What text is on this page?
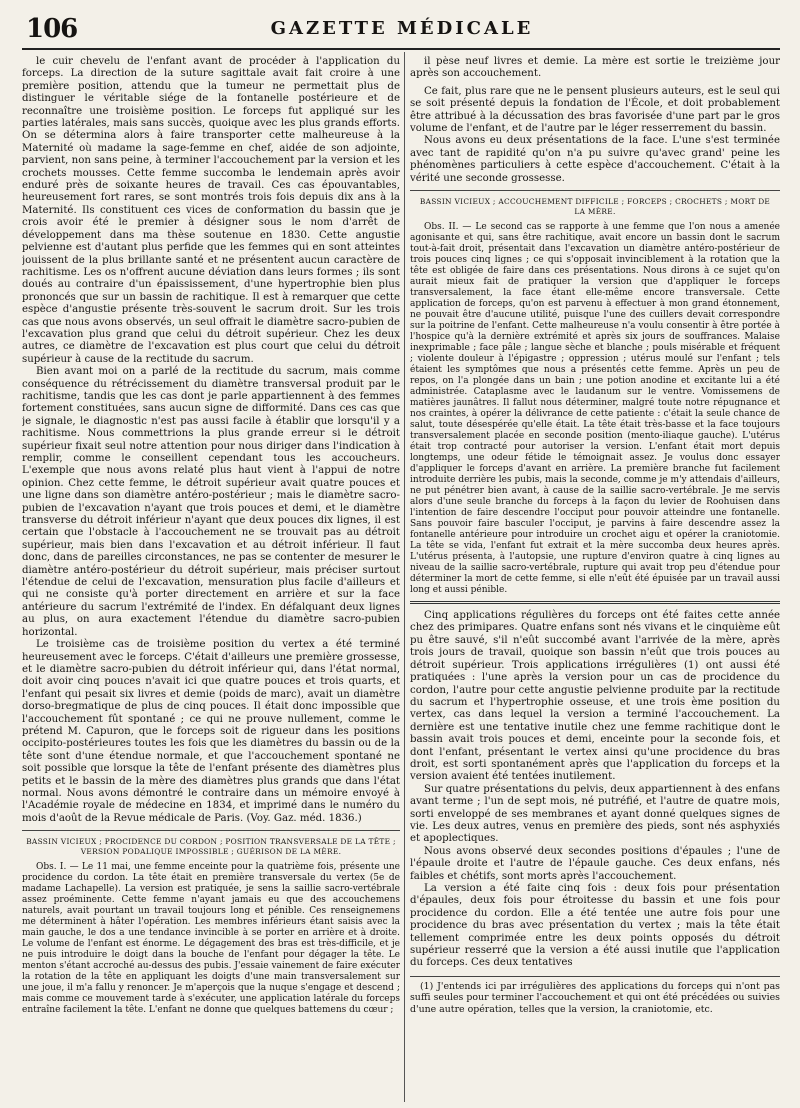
106	GAZETTE MÉDICALE

le cuir chevelu de l'enfant avant de procéder à l'application du forceps. La direction de la suture sagittale avait fait croire à une première position, attendu que la tumeur ne permettait plus de distinguer le véritable siége de la fontanelle postérieure et de reconnaître une troisième position. Le forceps fut appliqué sur les parties latérales, mais sans succès, quoique avec les plus grands efforts. On se détermina alors à faire transporter cette malheureuse à la Maternité où madame la sage-femme en chef, aidée de son adjointe, parvient, non sans peine, à terminer l'accouchement par la version et les crochets mousses. Cette femme succomba le lendemain après avoir enduré près de soixante heures de travail. Ces cas épouvantables, heureusement fort rares, se sont montrés trois fois depuis dix ans à la Maternité. Ils constituent ces vices de conformation du bassin que je crois avoir été le premier à désigner sous le nom d'arrêt de développement dans ma thèse soutenue en 1830. Cette angustie pelvienne est d'autant plus perfide que les femmes qui en sont atteintes jouissent de la plus brillante santé et ne présentent aucun caractère de rachitisme. Les os n'offrent aucune déviation dans leurs formes ; ils sont doués au contraire d'un épaississement, d'une hypertrophie bien plus prononcés que sur un bassin de rachitique. Il est à remarquer que cette espèce d'angustie présente très-souvent le sacrum droit. Sur les trois cas que nous avons observés, un seul offrait le diamètre sacro-pubien de l'excavation plus grand que celui du détroit supérieur. Chez les deux autres, ce diamètre de l'excavation est plus court que celui du détroit supérieur à cause de la rectitude du sacrum.

Bien avant moi on a parlé de la rectitude du sacrum, mais comme conséquence du rétrécissement du diamètre transversal produit par le rachitisme, tandis que les cas dont je parle appartiennent à des femmes fortement constituées, sans aucun signe de difformité. Dans ces cas que je signale, le diagnostic n'est pas aussi facile à établir que lorsqu'il y a rachitisme. Nous commettrions la plus grande erreur si le détroit supérieur fixait seul notre attention pour nous diriger dans l'indication à remplir, comme le conseillent cependant tous les accoucheurs. L'exemple que nous avons relaté plus haut vient à l'appui de notre opinion. Chez cette femme, le détroit supérieur avait quatre pouces et une ligne dans son diamètre antéro-postérieur ; mais le diamètre sacro-pubien de l'excavation n'ayant que trois pouces et demi, et le diamètre transverse du détroit inférieur n'ayant que deux pouces dix lignes, il est certain que l'obstacle à l'accouchement ne se trouvait pas au détroit supérieur, mais bien dans l'excavation et au détroit inférieur. Il faut donc, dans de pareilles circonstances, ne pas se contenter de mesurer le diamètre antéro-postérieur du détroit supérieur, mais préciser surtout l'étendue de celui de l'excavation, mensuration plus facile d'ailleurs et qui ne consiste qu'à porter directement en arrière et sur la face antérieure du sacrum l'extrémité de l'index. En défalquant deux lignes au plus, on aura exactement l'étendue du diamètre sacro-pubien horizontal.

Le troisième cas de troisième position du vertex a été terminé heureusement avec le forceps. C'était d'ailleurs une première grossesse, et le diamètre sacro-pubien du détroit inférieur qui, dans l'état normal, doit avoir cinq pouces n'avait ici que quatre pouces et trois quarts, et l'enfant qui pesait six livres et demie (poids de marc), avait un diamètre dorso-bregmatique de plus de cinq pouces. Il était donc impossible que l'accouchement fût spontané ; ce qui ne prouve nullement, comme le prétend M. Capuron, que le forceps soit de rigueur dans les positions occipito-postérieures toutes les fois que les diamètres du bassin ou de la tête sont d'une étendue normale, et que l'accouchement spontané ne soit possible que lorsque la tête de l'enfant présente des diamètres plus petits et le bassin de la mère des diamètres plus grands que dans l'état normal. Nous avons démontré le contraire dans un mémoire envoyé à l'Académie royale de médecine en 1834, et imprimé dans le numéro du mois d'août de la Revue médicale de Paris. (Voy. Gaz. méd. 1836.)

BASSIN VICIEUX ; PROCIDENCE DU CORDON ; POSITION TRANSVERSALE DE LA TÊTE ; VERSION PODALIQUE IMPOSSIBLE ; GUÉRISON DE LA MÈRE.

Obs. I. — Le 11 mai, une femme enceinte pour la quatrième fois, présente une procidence du cordon. La tête était en première transversale du vertex (5e de madame Lachapelle). La version est pratiquée, je sens la saillie sacro-vertébrale assez proéminente. Cette femme n'ayant jamais eu que des accouchemens naturels, avait pourtant un travail toujours long et pénible. Ces renseignemens me déterminent à hâter l'opération. Les membres inférieurs étant saisis avec la main gauche, le dos a une tendance invincible à se porter en arrière et à droite. Le volume de l'enfant est énorme. Le dégagement des bras est très-difficile, et je ne puis introduire le doigt dans la bouche de l'enfant pour dégager la tête. Le menton s'étant accroché au-dessus des pubis. J'essaie vainement de faire exécuter la rotation de la tête en appliquant les doigts d'une main transversalement sur une joue, il m'a fallu y renoncer. Je m'aperçois que la nuque s'engage et descend ; mais comme ce mouvement tarde à s'exécuter, une application latérale du forceps entraîne facilement la tête. L'enfant ne donne que quelques battemens du cœur ;

il pèse neuf livres et demie. La mère est sortie le treizième jour après son accouchement.

Ce fait, plus rare que ne le pensent plusieurs auteurs, est le seul qui se soit présenté depuis la fondation de l'École, et doit probablement être attribué à la décussation des bras favorisée d'une part par le gros volume de l'enfant, et de l'autre par le léger resserrement du bassin.

Nous avons eu deux présentations de la face. L'une s'est terminée avec tant de rapidité qu'on n'a pu suivre qu'avec grand' peine les phénomènes particuliers à cette espèce d'accouchement. C'était à la vérité une seconde grossesse.

BASSIN VICIEUX ; ACCOUCHEMENT DIFFICILE ; FORCEPS ; CROCHETS ; MORT DE LA MÈRE.

Obs. II. — Le second cas se rapporte à une femme que l'on nous a amenée agonisante et qui, sans être rachitique, avait encore un bassin dont le sacrum tout-à-fait droit, présentait dans l'excavation un diamètre antéro-postérieur de trois pouces cinq lignes ; ce qui s'opposait invinciblement à la rotation que la tête est obligée de faire dans ces présentations. Nous dirons à ce sujet qu'on aurait mieux fait de pratiquer la version que d'appliquer le forceps transversalement, la face étant elle-même encore transversale. Cette application de forceps, qu'on est parvenu à effectuer à mon grand étonnement, ne pouvait être d'aucune utilité, puisque l'une des cuillers devait correspondre sur la poitrine de l'enfant. Cette malheureuse n'a voulu consentir à être portée à l'hospice qu'à la dernière extrémité et après six jours de souffrances. Malaise inexprimable ; face pâle ; langue sèche et blanche ; pouls misérable et fréquent ; violente douleur à l'épigastre ; oppression ; utérus moulé sur l'enfant ; tels étaient les symptômes que nous a présentés cette femme. Après un peu de repos, on l'a plongée dans un bain ; une potion anodine et excitante lui a été administrée. Cataplasme avec le laudanum sur le ventre. Vomissemens de matières jaunâtres. Il fallut nous déterminer, malgré toute notre répugnance et nos craintes, à opérer la délivrance de cette patiente : c'était la seule chance de salut, toute désespérée qu'elle était. La tête était très-basse et la face toujours transversalement placée en seconde position (mento-iliaque gauche). L'utérus était trop contracté pour autoriser la version. L'enfant était mort depuis longtemps, une odeur fétide le témoignait assez. Je voulus donc essayer d'appliquer le forceps d'avant en arrière. La première branche fut facilement introduite derrière les pubis, mais la seconde, comme je m'y attendais d'ailleurs, ne put pénétrer bien avant, à cause de la saillie sacro-vertébrale. Je me servis alors d'une seule branche du forceps à la façon du levier de Roohuisen dans l'intention de faire descendre l'occiput pour pouvoir atteindre une fontanelle. Sans pouvoir faire basculer l'occiput, je parvins à faire descendre assez la fontanelle antérieure pour introduire un crochet aigu et opérer la craniotomie. La tête se vida, l'enfant fut extrait et la mère succomba deux heures après. L'utérus présenta, à l'autopsie, une rupture d'environ quatre à cinq lignes au niveau de la saillie sacro-vertébrale, rupture qui avait trop peu d'étendue pour déterminer la mort de cette femme, si elle n'eût été épuisée par un travail aussi long et aussi pénible.

Cinq applications régulières du forceps ont été faites cette année chez des primipares. Quatre enfans sont nés vivans et le cinquième eût pu être sauvé, s'il n'eût succombé avant l'arrivée de la mère, après trois jours de travail, quoique son bassin n'eût que trois pouces au détroit supérieur. Trois applications irrégulières (1) ont aussi été pratiquées : l'une après la version pour un cas de procidence du cordon, l'autre pour cette angustie pelvienne produite par la rectitude du sacrum et l'hypertrophie osseuse, et une trois ème position du vertex, cas dans lequel la version a terminé l'accouchement. La dernière est une tentative inutile chez une femme rachitique dont le bassin avait trois pouces et demi, enceinte pour la seconde fois, et dont l'enfant, présentant le vertex ainsi qu'une procidence du bras droit, est sorti spontanément après que l'application du forceps et la version avaient été tentées inutilement.

Sur quatre présentations du pelvis, deux appartiennent à des enfans avant terme ; l'un de sept mois, né putréfié, et l'autre de quatre mois, sorti enveloppé de ses membranes et ayant donné quelques signes de vie. Les deux autres, venus en première des pieds, sont nés asphyxiés et apoplectiques.

Nous avons observé deux secondes positions d'épaules ; l'une de l'épaule droite et l'autre de l'épaule gauche. Ces deux enfans, nés faibles et chétifs, sont morts après l'accouchement.

La version a été faite cinq fois : deux fois pour présentation d'épaules, deux fois pour étroitesse du bassin et une fois pour procidence du cordon. Elle a été tentée une autre fois pour une procidence du bras avec présentation du vertex ; mais la tête était tellement comprimée entre les deux points opposés du détroit supérieur resserré que la version a été aussi inutile que l'application du forceps. Ces deux tentatives

(1) J'entends ici par irrégulières des applications du forceps qui n'ont pas suffi seules pour terminer l'accouchement et qui ont été précédées ou suivies d'une autre opération, telles que la version, la craniotomie, etc.
